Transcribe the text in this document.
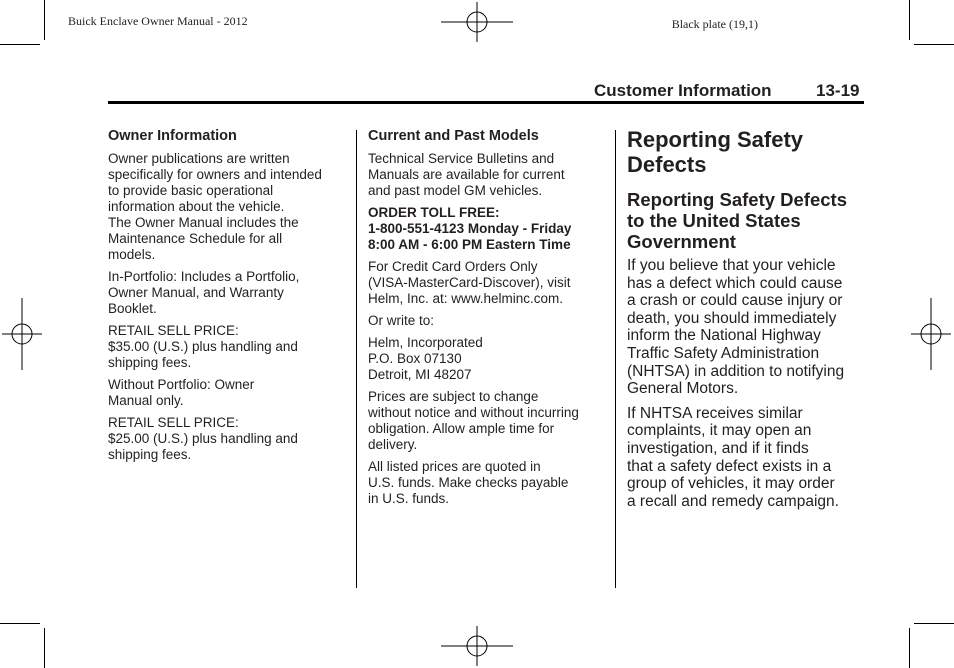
Buick Enclave Owner Manual - 2012	Black plate (19,1)
Customer Information	13-19
Owner Information
Owner publications are written
specifically for owners and intended
to provide basic operational
information about the vehicle.
The Owner Manual includes the
Maintenance Schedule for all
models.
In-Portfolio: Includes a Portfolio,
Owner Manual, and Warranty
Booklet.
RETAIL SELL PRICE:
$35.00 (U.S.) plus handling and
shipping fees.
Without Portfolio: Owner
Manual only.
RETAIL SELL PRICE:
$25.00 (U.S.) plus handling and
shipping fees.
Current and Past Models
Technical Service Bulletins and
Manuals are available for current
and past model GM vehicles.
ORDER TOLL FREE:
1-800-551-4123 Monday - Friday
8:00 AM - 6:00 PM Eastern Time
For Credit Card Orders Only
(VISA-MasterCard-Discover), visit
Helm, Inc. at: www.helminc.com.
Or write to:
Helm, Incorporated
P.O. Box 07130
Detroit, MI 48207
Prices are subject to change
without notice and without incurring
obligation. Allow ample time for
delivery.
All listed prices are quoted in
U.S. funds. Make checks payable
in U.S. funds.
Reporting Safety
Defects
Reporting Safety Defects
to the United States
Government
If you believe that your vehicle
has a defect which could cause
a crash or could cause injury or
death, you should immediately
inform the National Highway
Traffic Safety Administration
(NHTSA) in addition to notifying
General Motors.
If NHTSA receives similar
complaints, it may open an
investigation, and if it finds
that a safety defect exists in a
group of vehicles, it may order
a recall and remedy campaign.
